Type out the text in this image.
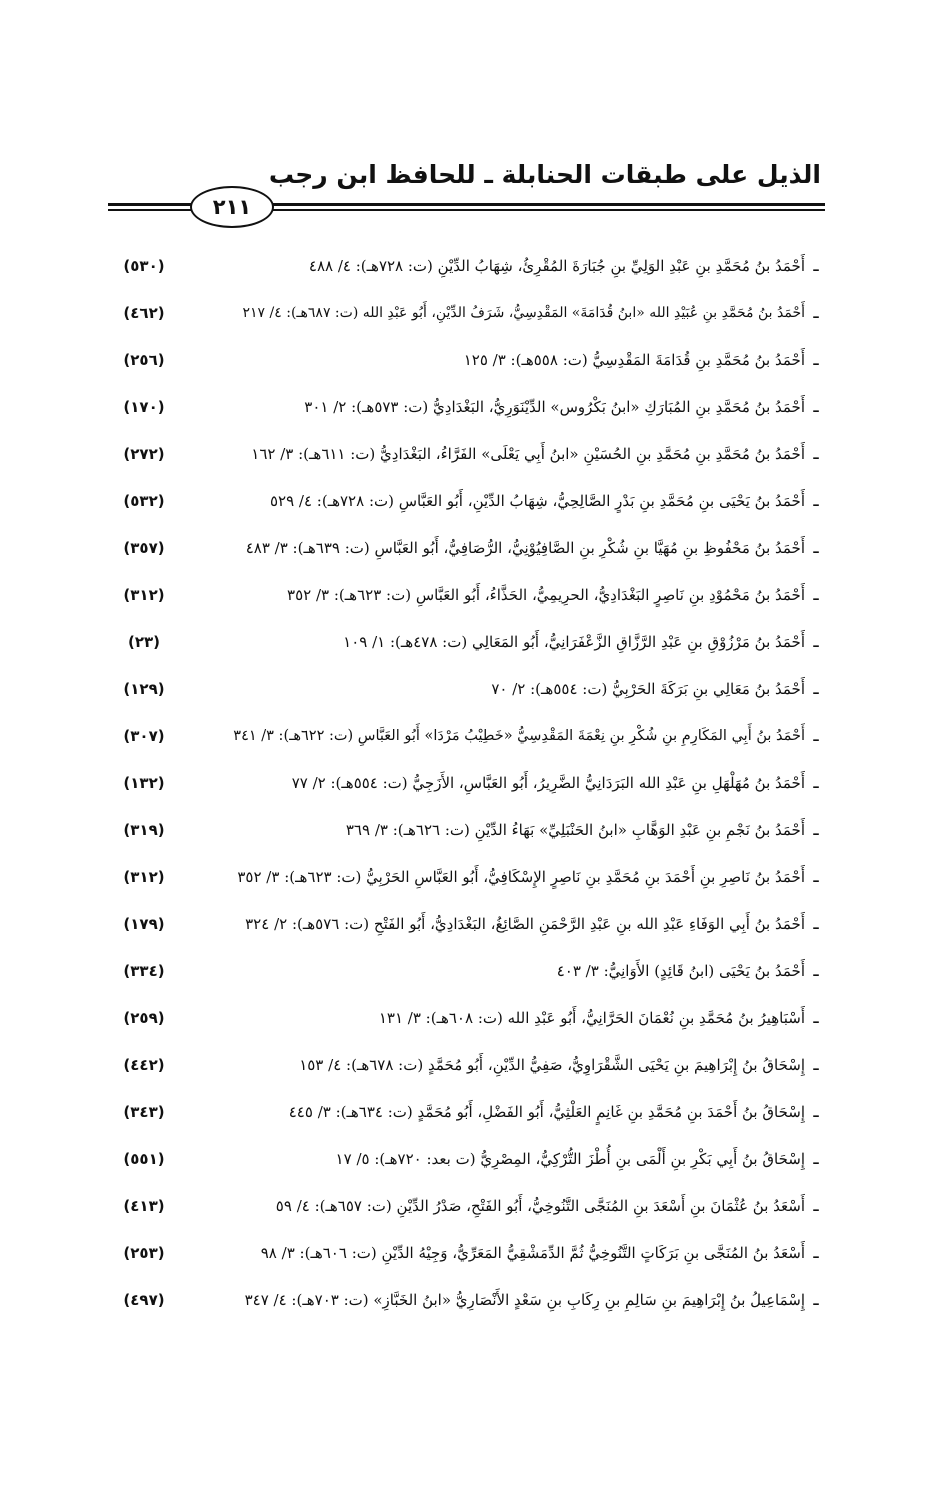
الذيل على طبقات الحنابلة ـ للحافظ ابن رجب
٢١١
ـ
أَحْمَدُ بنُ مُحَمَّدِ بنِ عَبْدِ الوَلِيِّ بنِ جُبَارَةَ المُقْرِئُ، شِهَابُ الدِّيْنِ (ت: ٧٢٨هـ): ٤/ ٤٨٨
(٥٣٠)
ـ
أَحْمَدُ بنُ مُحَمَّدِ بنِ عُبَيْدِ الله «ابنُ قُدَامَةَ» المَقْدِسِيُّ، شَرَفُ الدِّيْنِ، أَبُو عَبْدِ الله (ت: ٦٨٧هـ): ٤/ ٢١٧
(٤٦٢)
ـ
أَحْمَدُ بنُ مُحَمَّدِ بنِ قُدَامَةَ المَقْدِسِيُّ (ت: ٥٥٨هـ): ٣/ ١٢٥
(٢٥٦)
ـ
أَحْمَدُ بنُ مُحَمَّدِ بنِ المُبَارَكِ «ابنُ بَكْرُوس» الدِّيْنَوَرِيُّ، البَغْدَادِيُّ (ت: ٥٧٣هـ): ٢/ ٣٠١
(١٧٠)
ـ
أَحْمَدُ بنُ مُحَمَّدِ بنِ مُحَمَّدِ بنِ الحُسَيْنِ «ابنُ أَبِي يَعْلَى» الفَرَّاءُ، البَغْدَادِيُّ (ت: ٦١١هـ): ٣/ ١٦٢
(٢٧٢)
ـ
أَحْمَدُ بنُ يَحْيَى بنِ مُحَمَّدِ بنِ بَدْرٍ الصَّالِحِيُّ، شِهَابُ الدِّيْنِ، أَبُو العَبَّاسِ (ت: ٧٢٨هـ): ٤/ ٥٢٩
(٥٣٢)
ـ
أَحْمَدُ بنُ مَحْفُوظِ بنِ مُهَيَّا بنِ شُكْرِ بنِ الصَّافِيُوْنِيُّ، الرُّصَافِيُّ، أَبُو العَبَّاسِ (ت: ٦٣٩هـ): ٣/ ٤٨٣
(٣٥٧)
ـ
أَحْمَدُ بنُ مَحْمُوْدِ بنِ نَاصِرٍ البَغْدَادِيُّ، الحرِيمِيُّ، الحَذَّاءُ، أَبُو العَبَّاسِ (ت: ٦٢٣هـ): ٣/ ٣٥٢
(٣١٢)
ـ
أَحْمَدُ بنُ مَرْزُوْقِ بنِ عَبْدِ الرَّزَّاقِ الزَّعْفَرَانِيُّ، أَبُو المَعَالِي (ت: ٤٧٨هـ): ١/ ١٠٩
(٢٣)
ـ
أَحْمَدُ بنُ مَعَالِي بنِ بَرَكَةَ الحَرْبِيُّ (ت: ٥٥٤هـ): ٢/ ٧٠
(١٢٩)
ـ
أَحْمَدُ بنُ أَبِي المَكَارِمِ بنِ شُكْرِ بنِ نِعْمَةَ المَقْدِسِيُّ «خَطِيْبُ مَرْدَا» أَبُو العَبَّاسِ (ت: ٦٢٢هـ): ٣/ ٣٤١
(٣٠٧)
ـ
أَحْمَدُ بنُ مُهَلْهَلِ بنِ عَبْدِ الله البَرَدَانِيُّ الضَّرِيرُ، أَبُو العَبَّاسِ، الأَزَجِيُّ (ت: ٥٥٤هـ): ٢/ ٧٧
(١٣٢)
ـ
أَحْمَدُ بنُ نَجْمِ بنِ عَبْدِ الوَهَّابِ «ابنُ الحَنْبَلِيِّ» بَهَاءُ الدِّيْنِ (ت: ٦٢٦هـ): ٣/ ٣٦٩
(٣١٩)
ـ
أَحْمَدُ بنُ نَاصِرِ بنِ أَحْمَدَ بنِ مُحَمَّدِ بنِ نَاصِرٍ الإِسْكَافِيُّ، أَبُو العَبَّاسِ الحَرْبِيُّ (ت: ٦٢٣هـ): ٣/ ٣٥٢
(٣١٢)
ـ
أَحْمَدُ بنُ أَبِي الوَفَاءِ عَبْدِ الله بنِ عَبْدِ الرَّحْمَنِ الصَّائِغُ، البَغْدَادِيُّ، أَبُو الفَتْحِ (ت: ٥٧٦هـ): ٢/ ٣٢٤
(١٧٩)
ـ
أَحْمَدُ بنُ يَحْيَى (ابنُ قَائِدٍ) الأَوَانِيُّ: ٣/ ٤٠٣
(٣٣٤)
ـ
أَسْبَاهِيرُ بنُ مُحَمَّدِ بنِ نُعْمَانَ الحَرَّانِيُّ، أَبُو عَبْدِ الله (ت: ٦٠٨هـ): ٣/ ١٣١
(٢٥٩)
ـ
إِسْحَاقُ بنُ إِبْرَاهِيمَ بنِ يَحْيَى الشَّقْرَاوِيُّ، صَفِيُّ الدِّيْنِ، أَبُو مُحَمَّدٍ (ت: ٦٧٨هـ): ٤/ ١٥٣
(٤٤٢)
ـ
إِسْحَاقُ بنُ أَحْمَدَ بنِ مُحَمَّدِ بنِ غَانِمٍ العَلْثِيُّ، أَبُو الفَضْلِ، أَبُو مُحَمَّدٍ (ت: ٦٣٤هـ): ٣/ ٤٤٥
(٣٤٣)
ـ
إِسْحَاقُ بنُ أَبِي بَكْرِ بنِ أَلْمَى بنِ أُطْزَ التُّرْكِيُّ، المِصْرِيُّ (ت بعد: ٧٢٠هـ): ٥/ ١٧
(٥٥١)
ـ
أَسْعَدُ بنُ عُثْمَانَ بنِ أَسْعَدَ بنِ المُنَجَّى التَّنُوخِيُّ، أَبُو الفَتْحِ، صَدْرُ الدِّيْنِ (ت: ٦٥٧هـ): ٤/ ٥٩
(٤١٣)
ـ
أَسْعَدُ بنُ المُنَجَّى بنِ بَرَكَاتٍ التَّنُوخِيُّ ثُمَّ الدِّمَشْقِيُّ المَعَرِّيُّ، وَجِيْهُ الدِّيْنِ (ت: ٦٠٦هـ): ٣/ ٩٨
(٢٥٣)
ـ
إِسْمَاعِيلُ بنُ إِبْرَاهِيمَ بنِ سَالِمِ بنِ رِكَابِ بنِ سَعْدٍ الأَنْصَارِيُّ «ابنُ الخَبَّازِ» (ت: ٧٠٣هـ): ٤/ ٣٤٧
(٤٩٧)
